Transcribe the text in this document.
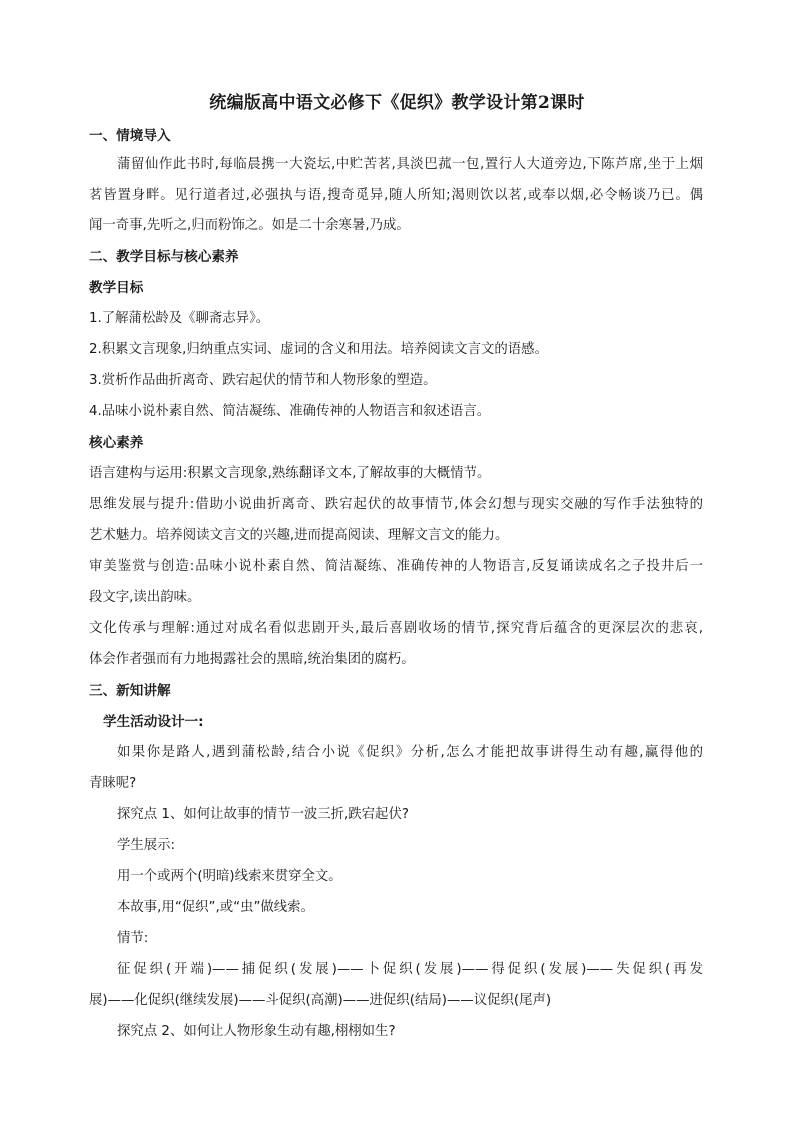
统编版高中语文必修下《促织》教学设计第2课时
一、情境导入
蒲留仙作此书时,每临晨携一大瓷坛,中贮苦茗,具淡巴菰一包,置行人大道旁边,下陈芦席,坐于上烟
茗皆置身畔。见行道者过,必强执与语,搜奇觅异,随人所知;渴则饮以茗,或奉以烟,必令畅谈乃已。偶
闻一奇事,先听之,归而粉饰之。如是二十余寒暑,乃成。
二、教学目标与核心素养
教学目标
1.了解蒲松龄及《聊斋志异》。
2.积累文言现象,归纳重点实词、虚词的含义和用法。培养阅读文言文的语感。
3.赏析作品曲折离奇、跌宕起伏的情节和人物形象的塑造。
4.品味小说朴素自然、简洁凝练、准确传神的人物语言和叙述语言。
核心素养
语言建构与运用:积累文言现象,熟练翻译文本,了解故事的大概情节。
思维发展与提升:借助小说曲折离奇、跌宕起伏的故事情节,体会幻想与现实交融的写作手法独特的
艺术魅力。培养阅读文言文的兴趣,进而提高阅读、理解文言文的能力。
审美鉴赏与创造:品味小说朴素自然、简洁凝练、准确传神的人物语言,反复诵读成名之子投井后一
段文字,读出韵味。
文化传承与理解:通过对成名看似悲剧开头,最后喜剧收场的情节,探究背后蕴含的更深层次的悲哀,
体会作者强而有力地揭露社会的黑暗,统治集团的腐朽。
三、新知讲解
学生活动设计一:
如果你是路人,遇到蒲松龄,结合小说《促织》分析,怎么才能把故事讲得生动有趣,赢得他的
青睐呢?
探究点 1、如何让故事的情节一波三折,跌宕起伏?
学生展示:
用一个或两个(明暗)线索来贯穿全文。
本故事,用“促织”,或“虫”做线索。
情节:
征促织(开端)——捕促织(发展)——卜促织(发展)——得促织(发展)——失促织(再发
展)——化促织(继续发展)——斗促织(高潮)——进促织(结局)——议促织(尾声)
探究点 2、如何让人物形象生动有趣,栩栩如生?
